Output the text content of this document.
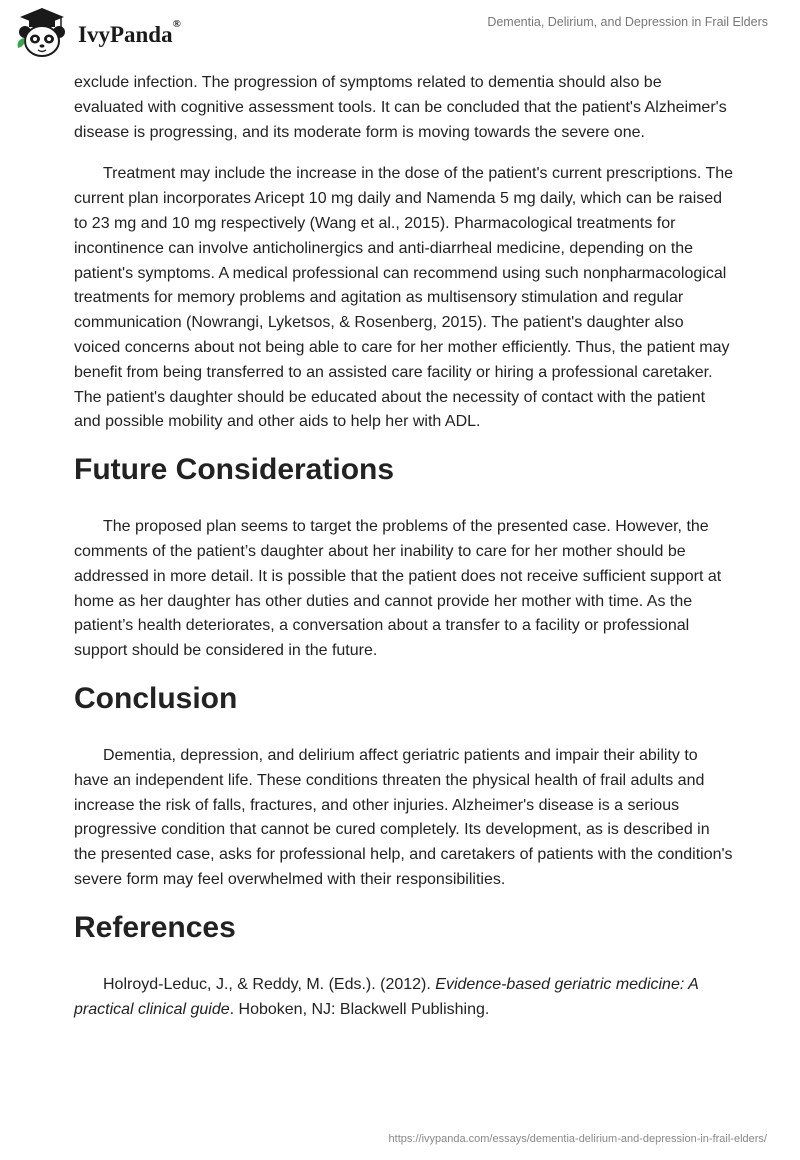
IvyPanda®	Dementia, Delirium, and Depression in Frail Elders

exclude infection. The progression of symptoms related to dementia should also be evaluated with cognitive assessment tools. It can be concluded that the patient's Alzheimer's disease is progressing, and its moderate form is moving towards the severe one.

Treatment may include the increase in the dose of the patient's current prescriptions. The current plan incorporates Aricept 10 mg daily and Namenda 5 mg daily, which can be raised to 23 mg and 10 mg respectively (Wang et al., 2015). Pharmacological treatments for incontinence can involve anticholinergics and anti-diarrheal medicine, depending on the patient's symptoms. A medical professional can recommend using such nonpharmacological treatments for memory problems and agitation as multisensory stimulation and regular communication (Nowrangi, Lyketsos, & Rosenberg, 2015). The patient's daughter also voiced concerns about not being able to care for her mother efficiently. Thus, the patient may benefit from being transferred to an assisted care facility or hiring a professional caretaker. The patient's daughter should be educated about the necessity of contact with the patient and possible mobility and other aids to help her with ADL.

Future Considerations

The proposed plan seems to target the problems of the presented case. However, the comments of the patient’s daughter about her inability to care for her mother should be addressed in more detail. It is possible that the patient does not receive sufficient support at home as her daughter has other duties and cannot provide her mother with time. As the patient’s health deteriorates, a conversation about a transfer to a facility or professional support should be considered in the future.

Conclusion

Dementia, depression, and delirium affect geriatric patients and impair their ability to have an independent life. These conditions threaten the physical health of frail adults and increase the risk of falls, fractures, and other injuries. Alzheimer's disease is a serious progressive condition that cannot be cured completely. Its development, as is described in the presented case, asks for professional help, and caretakers of patients with the condition's severe form may feel overwhelmed with their responsibilities.

References

Holroyd-Leduc, J., & Reddy, M. (Eds.). (2012). Evidence-based geriatric medicine: A practical clinical guide. Hoboken, NJ: Blackwell Publishing.

https://ivypanda.com/essays/dementia-delirium-and-depression-in-frail-elders/
